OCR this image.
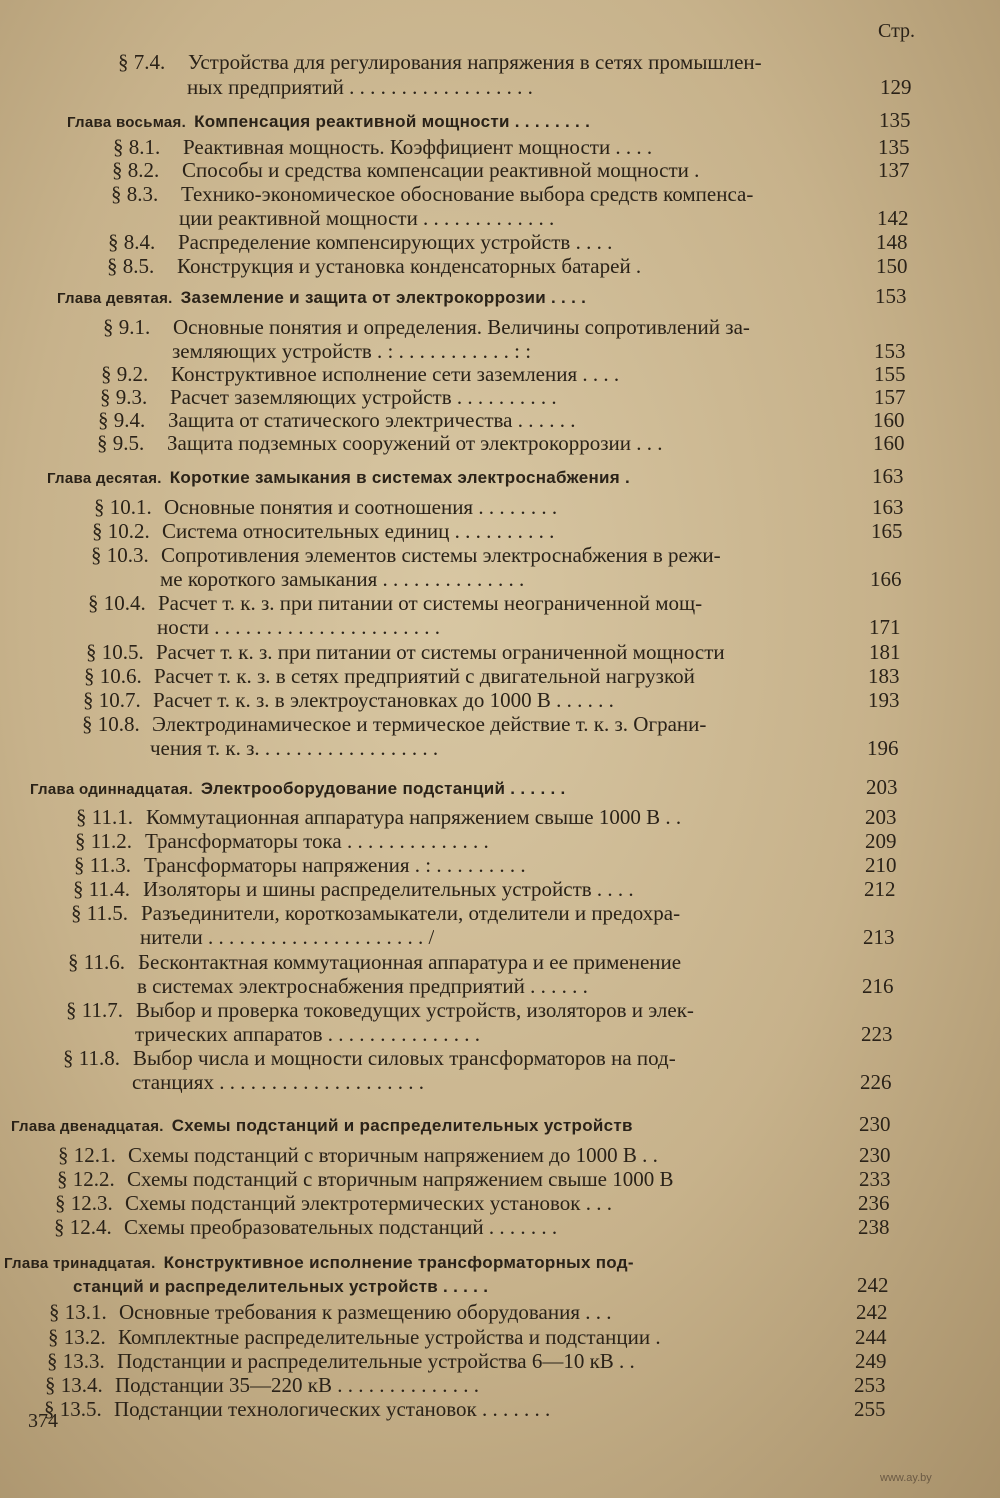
Стр.
§ 7.4. Устройства для регулирования напряжения в сетях промышлен-
ных предприятий . . . . . . . . . . . . . . . . . .	129
Глава восьмая. Компенсация реактивной мощности . . . . . . . .	135
§ 8.1. Реактивная мощность. Коэффициент мощности . . . .	135
§ 8.2. Способы и средства компенсации реактивной мощности .	137
§ 8.3. Технико-экономическое обоснование выбора средств компенса-
ции реактивной мощности . . . . . . . . . . . . .	142
§ 8.4. Распределение компенсирующих устройств . . . .	148
§ 8.5. Конструкция и установка конденсаторных батарей .	150
Глава девятая. Заземление и защита от электрокоррозии . . . .	153
§ 9.1. Основные понятия и определения. Величины сопротивлений за-
земляющих устройств . : . . . . . . . . . . . : :	153
§ 9.2. Конструктивное исполнение сети заземления . . . .	155
§ 9.3. Расчет заземляющих устройств . . . . . . . . . .	157
§ 9.4. Защита от статического электричества . . . . . .	160
§ 9.5. Защита подземных сооружений от электрокоррозии . . .	160
Глава десятая. Короткие замыкания в системах электроснабжения .	163
§ 10.1. Основные понятия и соотношения . . . . . . . .	163
§ 10.2. Система относительных единиц . . . . . . . . . .	165
§ 10.3. Сопротивления элементов системы электроснабжения в режи-
ме короткого замыкания . . . . . . . . . . . . . .	166
§ 10.4. Расчет т. к. з. при питании от системы неограниченной мощ-
ности . . . . . . . . . . . . . . . . . . . . . .	171
§ 10.5. Расчет т. к. з. при питании от системы ограниченной мощности	181
§ 10.6. Расчет т. к. з. в сетях предприятий с двигательной нагрузкой	183
§ 10.7. Расчет т. к. з. в электроустановках до 1000 В . . . . . .	193
§ 10.8. Электродинамическое и термическое действие т. к. з. Ограни-
чения т. к. з. . . . . . . . . . . . . . . . . .	196
Глава одиннадцатая. Электрооборудование подстанций . . . . . .	203
§ 11.1. Коммутационная аппаратура напряжением свыше 1000 В . .	203
§ 11.2. Трансформаторы тока . . . . . . . . . . . . . .	209
§ 11.3. Трансформаторы напряжения . : . . . . . . . . .	210
§ 11.4. Изоляторы и шины распределительных устройств . . . .	212
§ 11.5. Разъединители, короткозамыкатели, отделители и предохра-
нители . . . . . . . . . . . . . . . . . . . . . /	213
§ 11.6. Бесконтактная коммутационная аппаратура и ее применение
в системах электроснабжения предприятий . . . . . .	216
§ 11.7. Выбор и проверка токоведущих устройств, изоляторов и элек-
трических аппаратов . . . . . . . . . . . . . . .	223
§ 11.8. Выбор числа и мощности силовых трансформаторов на под-
станциях . . . . . . . . . . . . . . . . . . . .	226
Глава двенадцатая. Схемы подстанций и распределительных устройств	230
§ 12.1. Схемы подстанций с вторичным напряжением до 1000 В . .	230
§ 12.2. Схемы подстанций с вторичным напряжением свыше 1000 В	233
§ 12.3. Схемы подстанций электротермических установок . . .	236
§ 12.4. Схемы преобразовательных подстанций . . . . . . .	238
Глава тринадцатая. Конструктивное исполнение трансформаторных под-
станций и распределительных устройств . . . . .	242
§ 13.1. Основные требования к размещению оборудования . . .	242
§ 13.2. Комплектные распределительные устройства и подстанции .	244
§ 13.3. Подстанции и распределительные устройства 6—10 кВ . .	249
§ 13.4. Подстанции 35—220 кВ . . . . . . . . . . . . . .	253
§ 13.5. Подстанции технологических установок . . . . . . .	255
374
www.ay.by
